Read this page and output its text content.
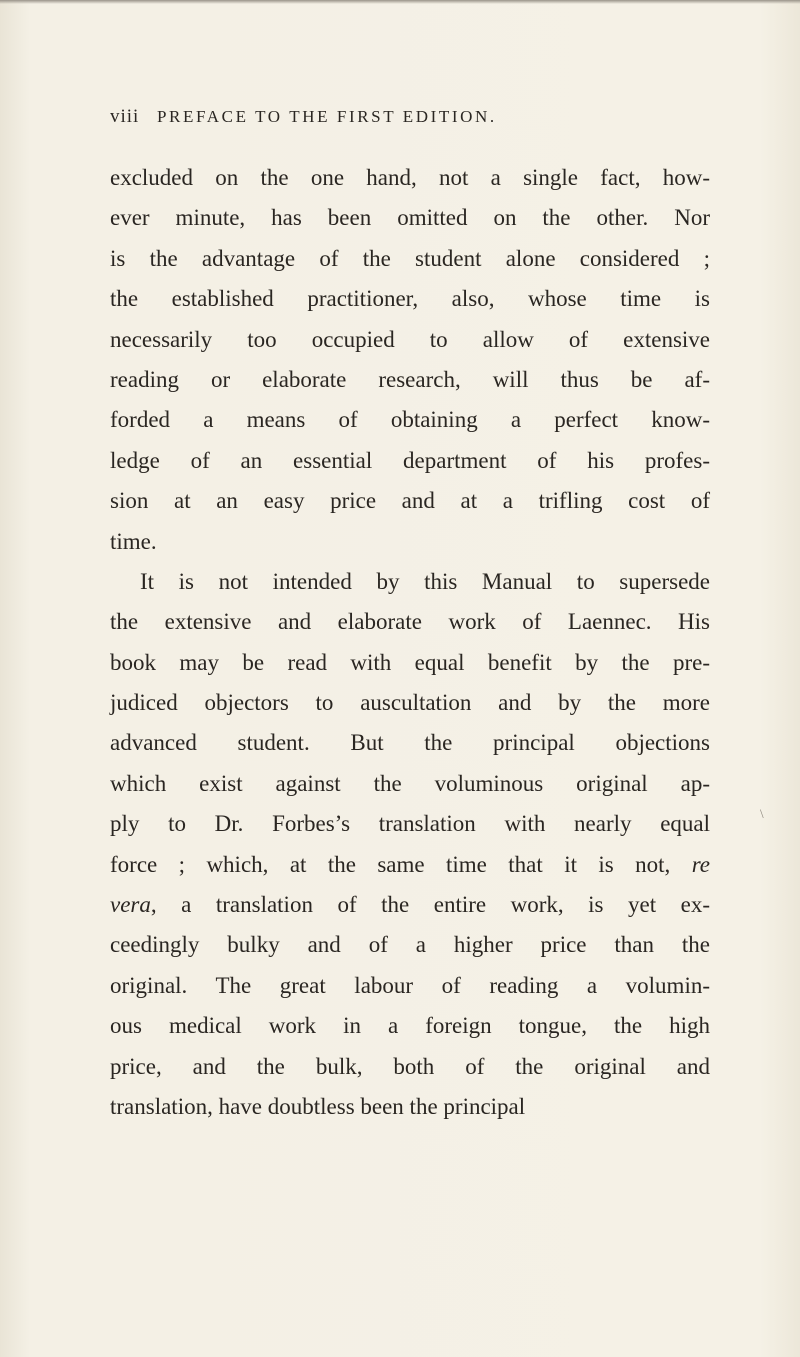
viii PREFACE TO THE FIRST EDITION.
excluded on the one hand, not a single fact, how-
ever minute, has been omitted on the other. Nor
is the advantage of the student alone considered ;
the established practitioner, also, whose time is
necessarily too occupied to allow of extensive
reading or elaborate research, will thus be af-
forded a means of obtaining a perfect know-
ledge of an essential department of his profes-
sion at an easy price and at a trifling cost of
time.
It is not intended by this Manual to supersede
the extensive and elaborate work of Laennec. His
book may be read with equal benefit by the pre-
judiced objectors to auscultation and by the more
advanced student. But the principal objections
which exist against the voluminous original ap-
ply to Dr. Forbes’s translation with nearly equal
force ; which, at the same time that it is not, re
vera, a translation of the entire work, is yet ex-
ceedingly bulky and of a higher price than the
original. The great labour of reading a volumin-
ous medical work in a foreign tongue, the high
price, and the bulk, both of the original and
translation, have doubtless been the principal
\
